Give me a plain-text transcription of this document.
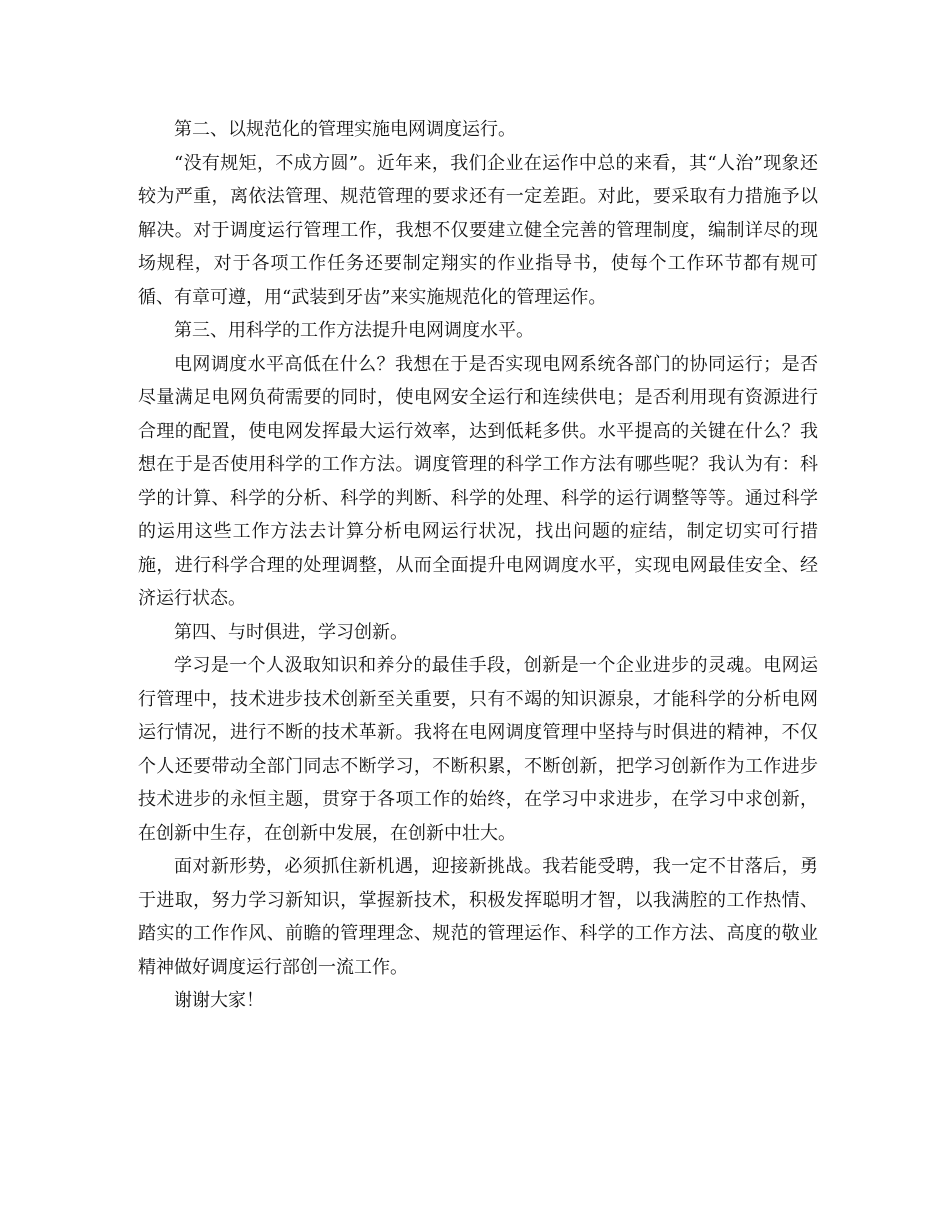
第二、以规范化的管理实施电网调度运行。

“没有规矩，不成方圆”。近年来，我们企业在运作中总的来看，其“人治”现象还较为严重，离依法管理、规范管理的要求还有一定差距。对此，要采取有力措施予以解决。对于调度运行管理工作，我想不仅要建立健全完善的管理制度，编制详尽的现场规程，对于各项工作任务还要制定翔实的作业指导书，使每个工作环节都有规可循、有章可遵，用“武装到牙齿”来实施规范化的管理运作。

第三、用科学的工作方法提升电网调度水平。

电网调度水平高低在什么？我想在于是否实现电网系统各部门的协同运行；是否尽量满足电网负荷需要的同时，使电网安全运行和连续供电；是否利用现有资源进行合理的配置，使电网发挥最大运行效率，达到低耗多供。水平提高的关键在什么？我想在于是否使用科学的工作方法。调度管理的科学工作方法有哪些呢？我认为有：科学的计算、科学的分析、科学的判断、科学的处理、科学的运行调整等等。通过科学的运用这些工作方法去计算分析电网运行状况，找出问题的症结，制定切实可行措施，进行科学合理的处理调整，从而全面提升电网调度水平，实现电网最佳安全、经济运行状态。

第四、与时俱进，学习创新。

学习是一个人汲取知识和养分的最佳手段，创新是一个企业进步的灵魂。电网运行管理中，技术进步技术创新至关重要，只有不竭的知识源泉，才能科学的分析电网运行情况，进行不断的技术革新。我将在电网调度管理中坚持与时俱进的精神，不仅个人还要带动全部门同志不断学习，不断积累，不断创新，把学习创新作为工作进步技术进步的永恒主题，贯穿于各项工作的始终，在学习中求进步，在学习中求创新，在创新中生存，在创新中发展，在创新中壮大。

面对新形势，必须抓住新机遇，迎接新挑战。我若能受聘，我一定不甘落后，勇于进取，努力学习新知识，掌握新技术，积极发挥聪明才智，以我满腔的工作热情、踏实的工作作风、前瞻的管理理念、规范的管理运作、科学的工作方法、高度的敬业精神做好调度运行部创一流工作。

谢谢大家！
